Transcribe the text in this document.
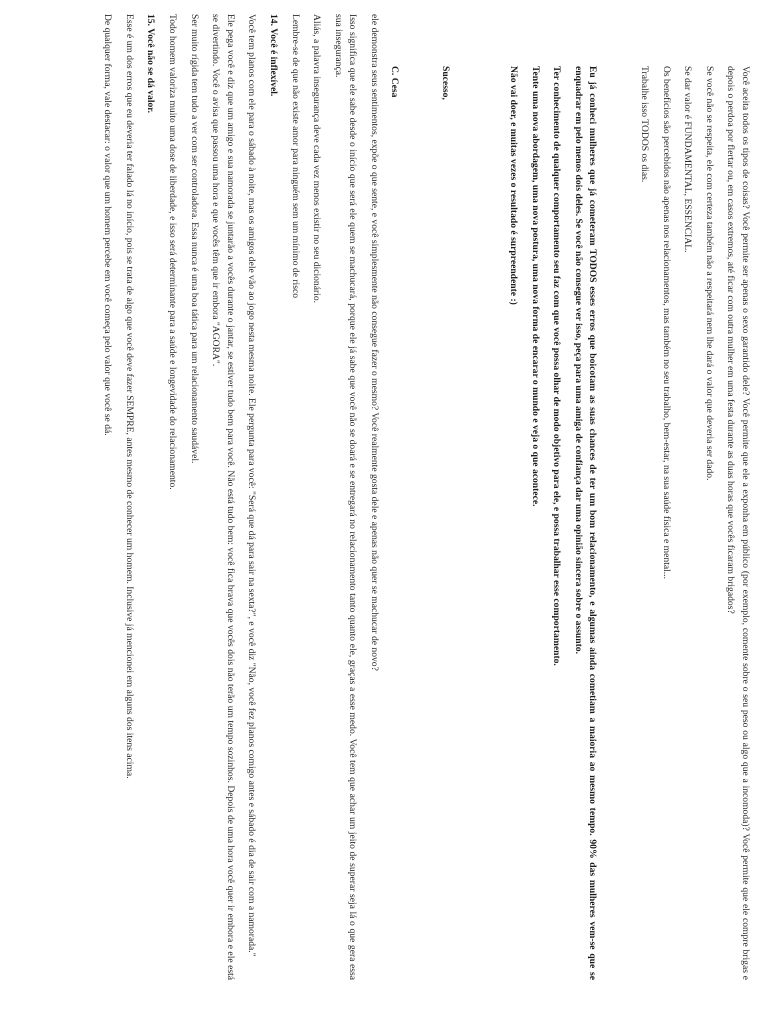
ele demonstra seus sentimentos, expõe o que sente, e você simplesmente não consegue fazer o mesmo? Você realmente gosta dele e apenas não quer se machucar de novo?

Isso significa que ele sabe desde o início que será ele quem se machucará, porque ele já sabe que você não se doará e se entregará no relacionamento tanto quanto ele, graças a esse medo. Você tem que achar um jeito de superar seja lá o que gera essa sua insegurança.

Aliás, a palavra insegurança deve cada vez menos existir no seu dicionário.

Lembre-se de que não existe amor para ninguém sem um mínimo de risco

14. Você é inflexível.

Você tem planos com ele para o sábado à noite, mas os amigos dele vão ao jogo nesta mesma noite. Ele pergunta para você: "Será que dá para sair na sexta?", e você diz "Não, você fez planos comigo antes e sábado é dia de sair com a namorada."

Ele pega você e diz que um amigo e sua namorada se juntarão a vocês durante o jantar, se estiver tudo bem para você. Não está tudo bem: você fica brava que vocês dois não terão um tempo sozinhos. Depois de uma hora você quer ir embora e ele está se divertindo. Você o avisa que passou uma hora e que vocês têm que ir embora "AGORA".

Ser muito rígida tem tudo a ver com ser controladora. Essa nunca é uma boa tática para um relacionamento saudável.

Todo homem valoriza muito uma dose de liberdade, e isso será determinante para a saúde e longevidade do relacionamento.

15. Você não se dá valor.

Esse é um dos erros que eu deveria ter falado lá no início, pois se trata de algo que você deve fazer SEMPRE, antes mesmo de conhecer um homem. Inclusive já mencionei em alguns dos itens acima.

De qualquer forma, vale destacar: o valor que um homem percebe em você começa pelo valor que você se dá.	Você aceita todos os tipos de coisas? Você permite ser apenas o sexo garantido dele? Você permite que ele a exponha em público (por exemplo, comente sobre o seu peso ou algo que a incomoda)? Você permite que ele compre brigas e depois o perdoa por flertar ou, em casos extremos, até ficar com outra mulher em uma festa durante as duas horas que vocês ficaram brigados?

Se você não se respeita, ele com certeza também não a respeitará nem lhe dará o valor que deveria ser dado.

Se dar valor é FUNDAMENTAL, ESSENCIAL.

Os benefícios são percebidos não apenas nos relacionamentos, mas também no seu trabalho, bem-estar, na sua saúde física e mental...

Trabalhe isso TODOS os dias.

Eu já conheci mulheres que já cometeram TODOS esses erros que boicotam as suas chances de ter um bom relacionamento, e algumas ainda cometiam a maioria ao mesmo tempo. 90% das mulheres vem-se que se enquadrar em pelo menos dois deles. Se você não consegue ver isso, peça para uma amiga de confiança dar uma opinião sincera sobre o assunto.

Ter conhecimento de qualquer comportamento seu faz com que você possa olhar de modo objetivo para ele, e possa trabalhar esse comportamento.

Tente uma nova abordagem, uma nova postura, uma nova forma de encarar o mundo e veja o que acontece.

Não vai doer, e muitas vezes o resultado é surpreendente :)

Sucesso,

C. Cesa
